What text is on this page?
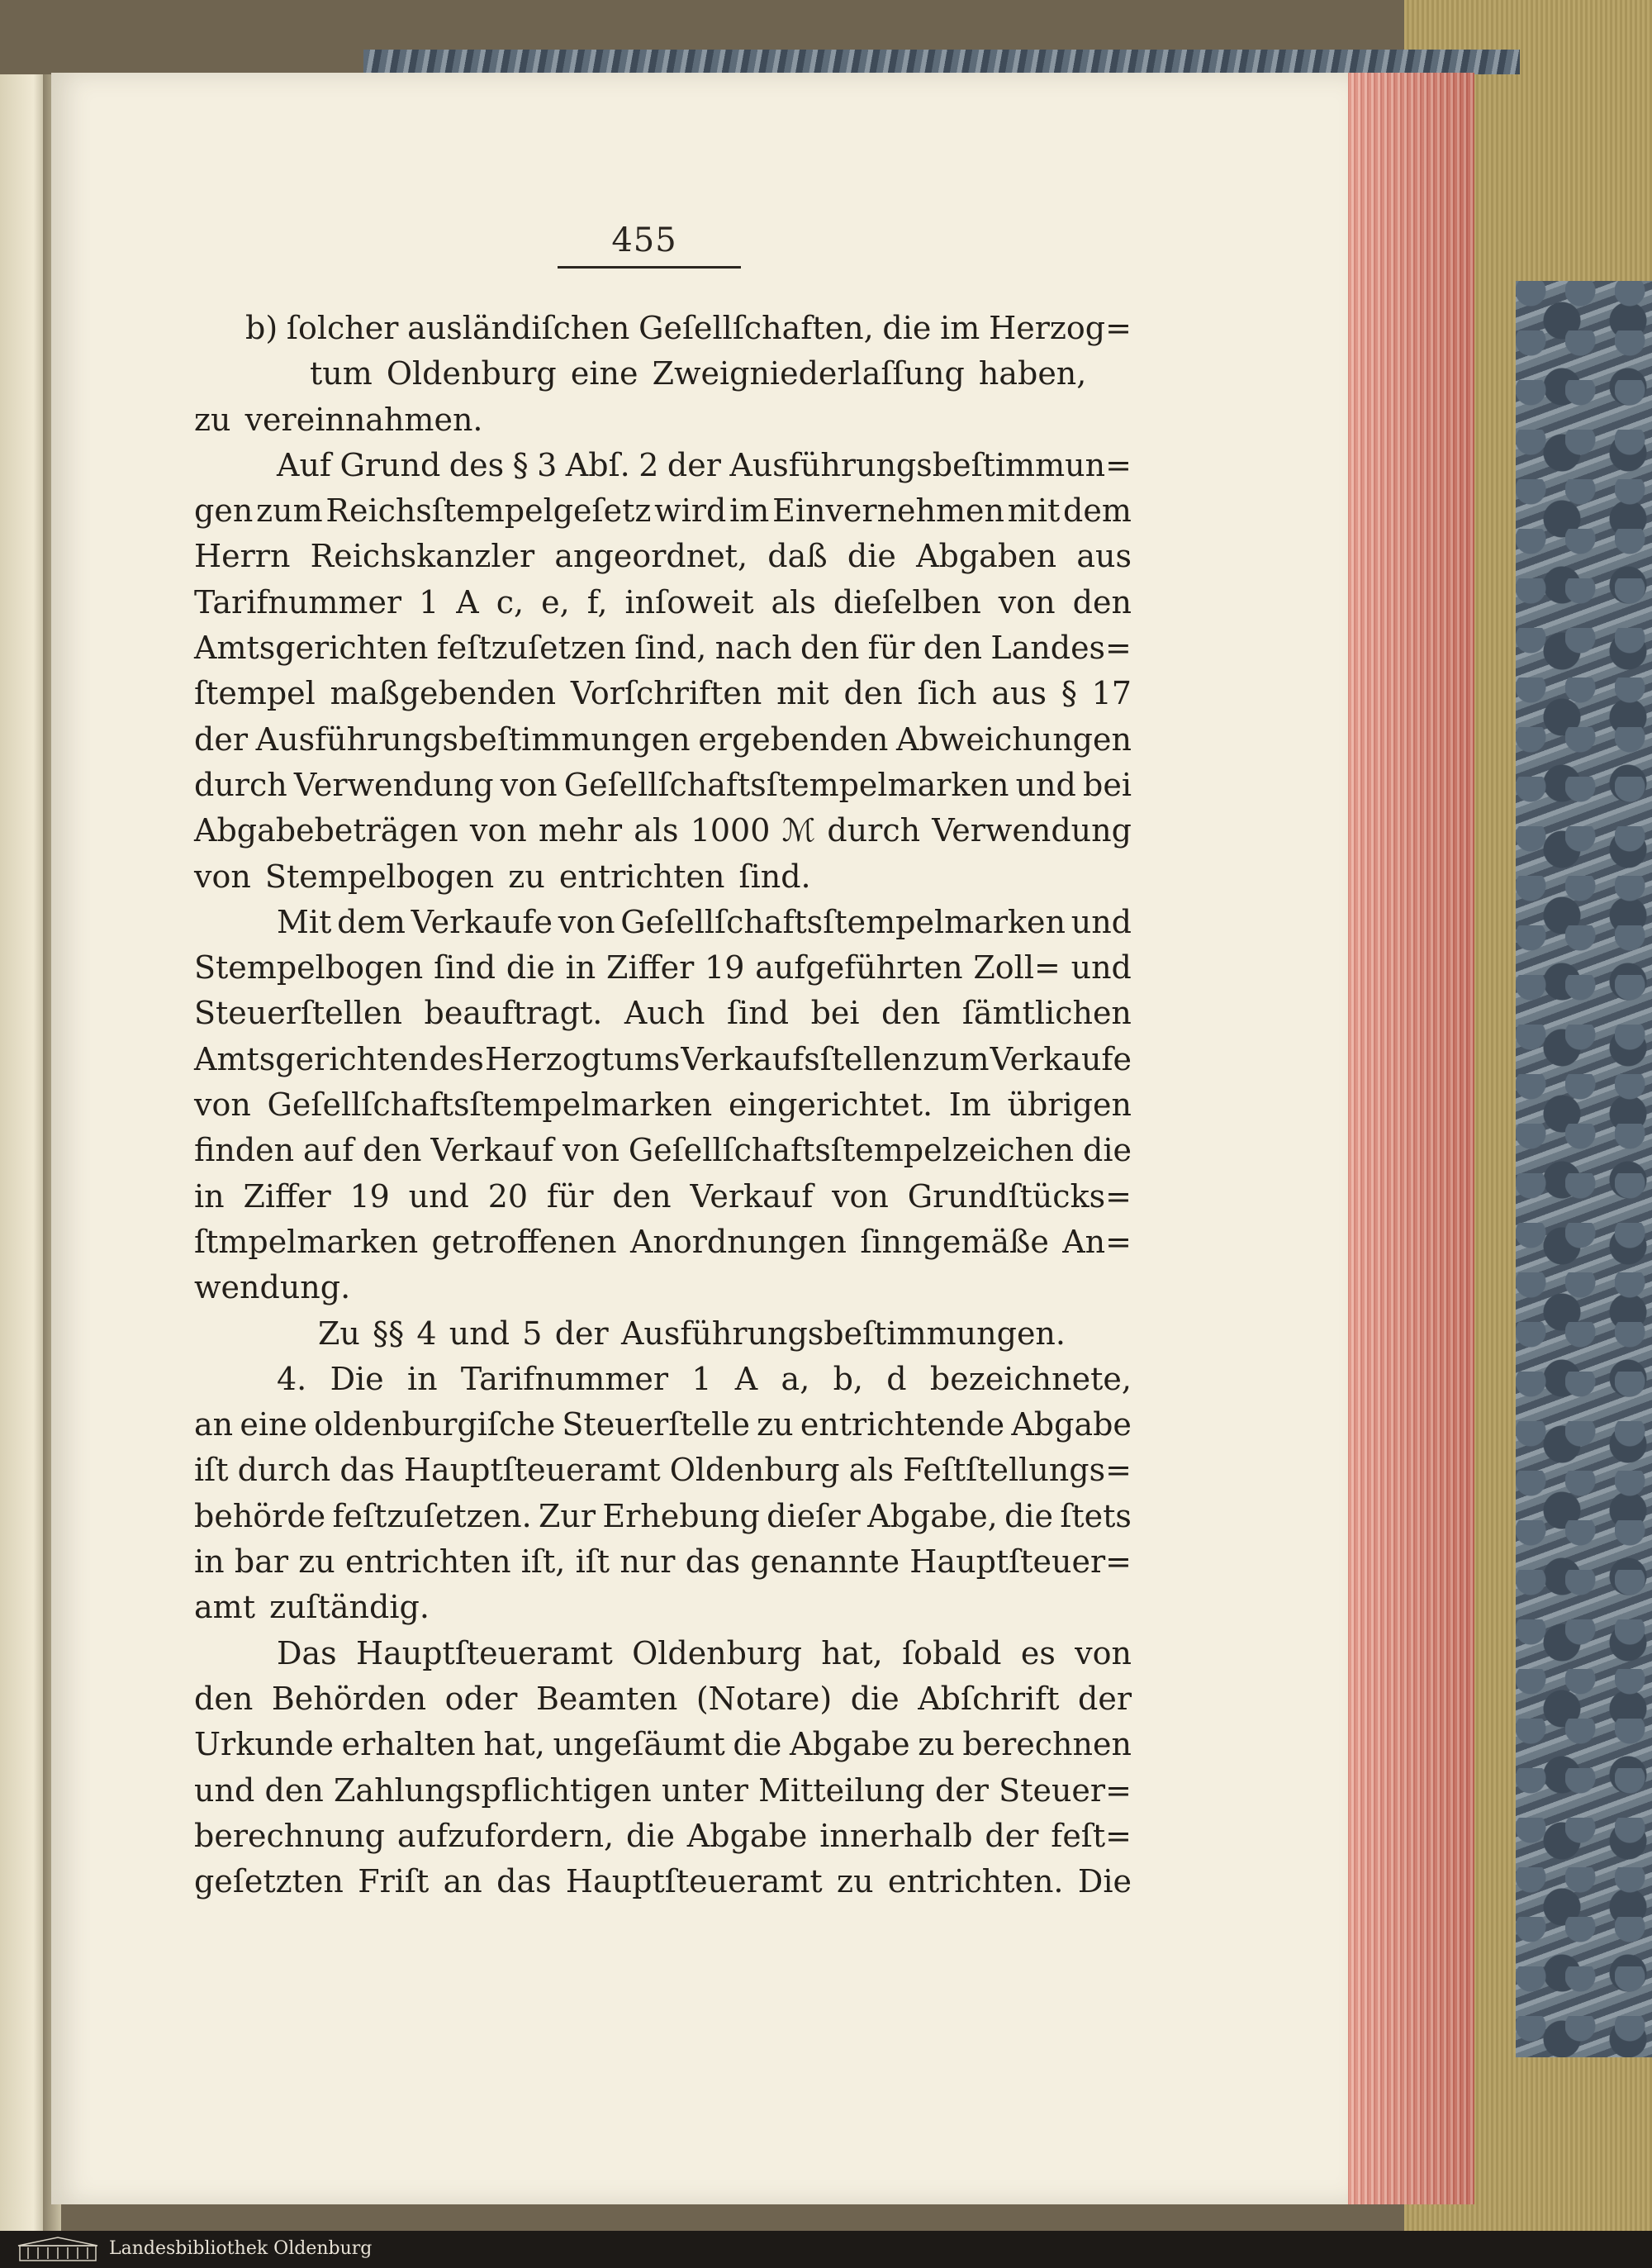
455
b) ſolcher ausländiſchen Geſellſchaften, die im Herzog=
tum Oldenburg eine Zweigniederlaſſung haben,
zu vereinnahmen.
Auf Grund des § 3 Abſ. 2 der Ausführungsbeſtimmun=
gen zum Reichsſtempelgeſetz wird im Einvernehmen mit dem
Herrn Reichskanzler angeordnet, daß die Abgaben aus
Tarifnummer 1 A c, e, f, inſoweit als dieſelben von den
Amtsgerichten feſtzuſetzen ſind, nach den für den Landes=
ſtempel maßgebenden Vorſchriften mit den ſich aus § 17
der Ausführungsbeſtimmungen ergebenden Abweichungen
durch Verwendung von Geſellſchaftsſtempelmarken und bei
Abgabebeträgen von mehr als 1000 ℳ durch Verwendung
von Stempelbogen zu entrichten ſind.
Mit dem Verkaufe von Geſellſchaftsſtempelmarken und
Stempelbogen ſind die in Ziffer 19 aufgeführten Zoll= und
Steuerſtellen beauftragt. Auch ſind bei den ſämtlichen
Amtsgerichten des Herzogtums Verkaufsſtellen zum Verkaufe
von Geſellſchaftsſtempelmarken eingerichtet. Im übrigen
finden auf den Verkauf von Geſellſchaftsſtempelzeichen die
in Ziffer 19 und 20 für den Verkauf von Grundſtücks=
ſtmpelmarken getroffenen Anordnungen ſinngemäße An=
wendung.
Zu §§ 4 und 5 der Ausführungsbeſtimmungen.
4. Die in Tarifnummer 1 A a, b, d bezeichnete,
an eine oldenburgiſche Steuerſtelle zu entrichtende Abgabe
iſt durch das Hauptſteueramt Oldenburg als Feſtſtellungs=
behörde feſtzuſetzen. Zur Erhebung dieſer Abgabe, die ſtets
in bar zu entrichten iſt, iſt nur das genannte Hauptſteuer=
amt zuſtändig.
Das Hauptſteueramt Oldenburg hat, ſobald es von
den Behörden oder Beamten (Notare) die Abſchrift der
Urkunde erhalten hat, ungeſäumt die Abgabe zu berechnen
und den Zahlungspflichtigen unter Mitteilung der Steuer=
berechnung aufzufordern, die Abgabe innerhalb der feſt=
geſetzten Friſt an das Hauptſteueramt zu entrichten. Die
Landesbibliothek Oldenburg
